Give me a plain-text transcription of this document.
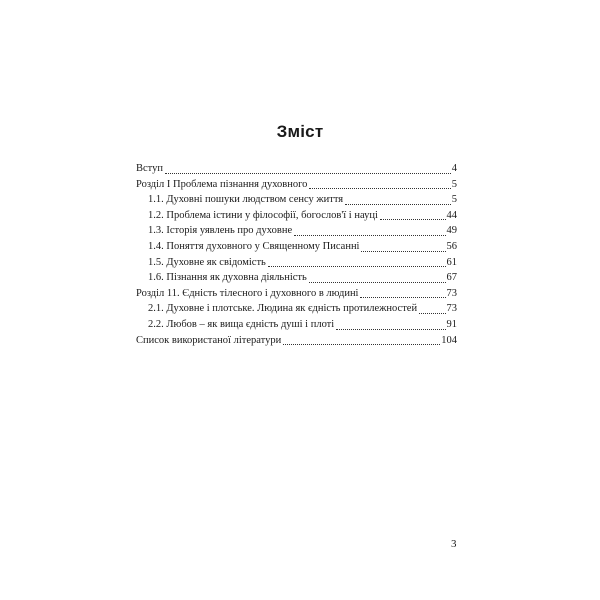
Зміст
Вступ	4
Розділ І Проблема пізнання духовного	5
1.1. Духовні пошуки людством сенсу життя	5
1.2. Проблема істини у філософії, богослов'ї і науці	44
1.3. Історія уявлень про духовне	49
1.4. Поняття духовного у Священному Писанні	56
1.5. Духовне як свідомість	61
1.6. Пізнання як духовна діяльність	67
Розділ 11. Єдність тілесного і духовного в людині	73
2.1. Духовне і плотське. Людина як єдність протилежностей	73
2.2. Любов – як вища єдність душі і плоті	91
Список використаної літератури	104
3
